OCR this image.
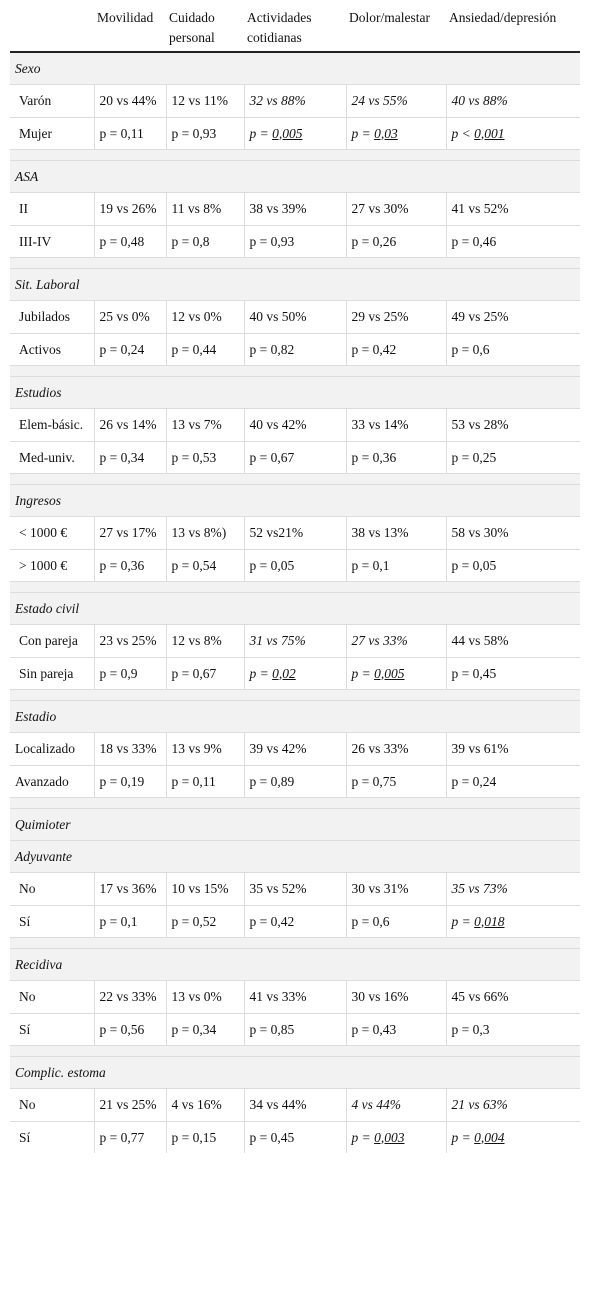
	Movilidad	Cuidado personal	Actividades cotidianas	Dolor/malestar	Ansiedad/depresión
Sexo					
Varón	20 vs 44%	12 vs 11%	32 vs 88%	24 vs 55%	40 vs 88%
Mujer	p = 0,11	p = 0,93	p = 0,005	p = 0,03	p < 0,001

ASA					
II	19 vs 26%	11 vs 8%	38 vs 39%	27 vs 30%	41 vs 52%
III-IV	p = 0,48	p = 0,8	p = 0,93	p = 0,26	p = 0,46

Sit. Laboral					
Jubilados	25 vs 0%	12 vs 0%	40 vs 50%	29 vs 25%	49 vs 25%
Activos	p = 0,24	p = 0,44	p = 0,82	p = 0,42	p = 0,6

Estudios					
Elem-básic.	26 vs 14%	13 vs 7%	40 vs 42%	33 vs 14%	53 vs 28%
Med-univ.	p = 0,34	p = 0,53	p = 0,67	p = 0,36	p = 0,25

Ingresos					
< 1000 €	27 vs 17%	13 vs 8%)	52 vs21%	38 vs 13%	58 vs 30%
> 1000 €	p = 0,36	p = 0,54	p = 0,05	p = 0,1	p = 0,05

Estado civil					
Con pareja	23 vs 25%	12 vs 8%	31 vs 75%	27 vs 33%	44 vs 58%
Sin pareja	p = 0,9	p = 0,67	p = 0,02	p = 0,005	p = 0,45

Estadio					
Localizado	18 vs 33%	13 vs 9%	39 vs 42%	26 vs 33%	39 vs 61%
Avanzado	p = 0,19	p = 0,11	p = 0,89	p = 0,75	p = 0,24

Quimioter					
Adyuvante					
No	17 vs 36%	10 vs 15%	35 vs 52%	30 vs 31%	35 vs 73%
Sí	p = 0,1	p = 0,52	p = 0,42	p = 0,6	p = 0,018

Recidiva					
No	22 vs 33%	13 vs 0%	41 vs 33%	30 vs 16%	45 vs 66%
Sí	p = 0,56	p = 0,34	p = 0,85	p = 0,43	p = 0,3

Complic. estoma					
No	21 vs 25%	4 vs 16%	34 vs 44%	4 vs 44%	21 vs 63%
Sí	p = 0,77	p = 0,15	p = 0,45	p = 0,003	p = 0,004
